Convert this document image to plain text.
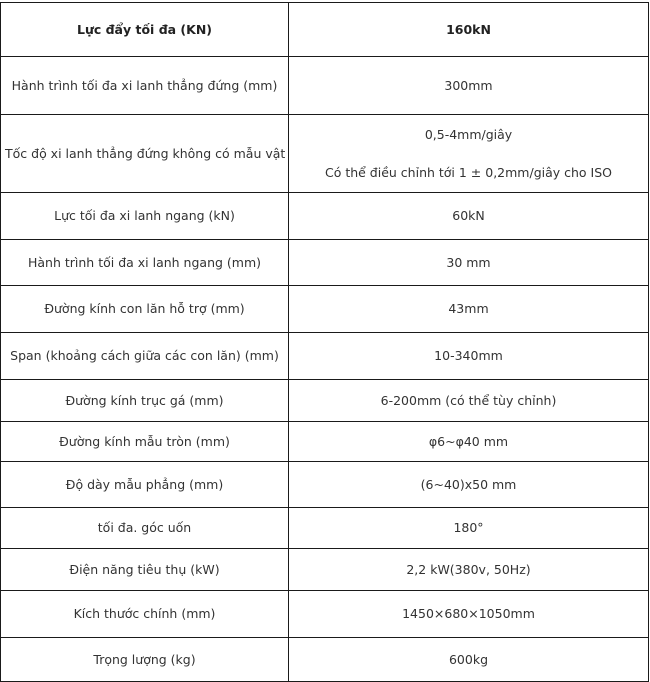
Lực đẩy tối đa (KN)	160kN
Hành trình tối đa xi lanh thẳng đứng (mm)	300mm
Tốc độ xi lanh thẳng đứng không có mẫu vật	0,5-4mm/giây
Có thể điều chỉnh tới 1 ± 0,2mm/giây cho ISO

Lực tối đa xi lanh ngang (kN)	60kN
Hành trình tối đa xi lanh ngang (mm)	30 mm
Đường kính con lăn hỗ trợ (mm)	43mm
Span (khoảng cách giữa các con lăn) (mm)	10-340mm
Đường kính trục gá (mm)	6-200mm (có thể tùy chỉnh)
Đường kính mẫu tròn (mm)	φ6~φ40 mm
Độ dày mẫu phẳng (mm)	(6~40)x50 mm
tối đa. góc uốn	180°
Điện năng tiêu thụ (kW)	2,2 kW(380v, 50Hz)
Kích thước chính (mm)	1450×680×1050mm
Trọng lượng (kg)	600kg
